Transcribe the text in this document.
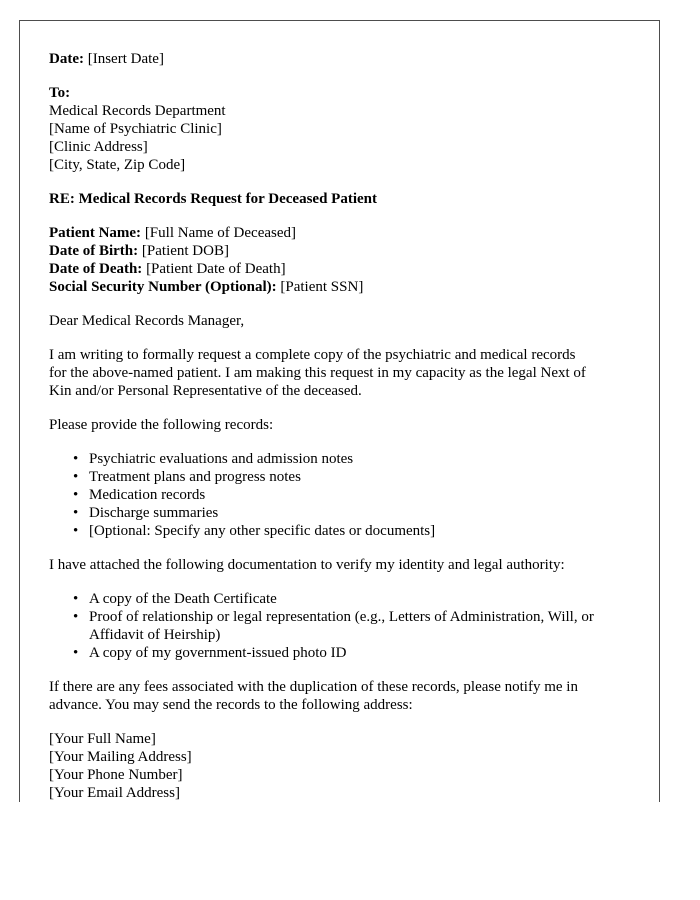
Date: [Insert Date]
To:
Medical Records Department
[Name of Psychiatric Clinic]
[Clinic Address]
[City, State, Zip Code]
RE: Medical Records Request for Deceased Patient
Patient Name: [Full Name of Deceased]
Date of Birth: [Patient DOB]
Date of Death: [Patient Date of Death]
Social Security Number (Optional): [Patient SSN]
Dear Medical Records Manager,
I am writing to formally request a complete copy of the psychiatric and medical records
for the above-named patient. I am making this request in my capacity as the legal Next of
Kin and/or Personal Representative of the deceased.
Please provide the following records:
• Psychiatric evaluations and admission notes
• Treatment plans and progress notes
• Medication records
• Discharge summaries
• [Optional: Specify any other specific dates or documents]
I have attached the following documentation to verify my identity and legal authority:
• A copy of the Death Certificate
• Proof of relationship or legal representation (e.g., Letters of Administration, Will, or
Affidavit of Heirship)
• A copy of my government-issued photo ID
If there are any fees associated with the duplication of these records, please notify me in
advance. You may send the records to the following address:
[Your Full Name]
[Your Mailing Address]
[Your Phone Number]
[Your Email Address]
